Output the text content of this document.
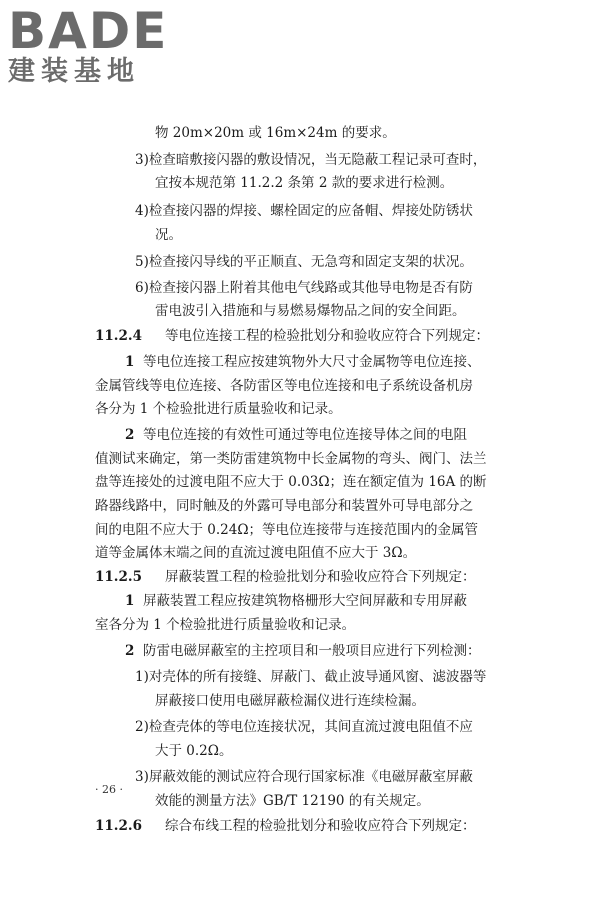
BADE
建装基地
物 20m×20m 或 16m×24m 的要求。
3)检查暗敷接闪器的敷设情况，当无隐蔽工程记录可查时，
宜按本规范第 11.2.2 条第 2 款的要求进行检测。
4)检查接闪器的焊接、螺栓固定的应备帽、焊接处防锈状
况。
5)检查接闪导线的平正顺直、无急弯和固定支架的状况。
6)检查接闪器上附着其他电气线路或其他导电物是否有防
雷电波引入措施和与易燃易爆物品之间的安全间距。
11.2.4 等电位连接工程的检验批划分和验收应符合下列规定：
1 等电位连接工程应按建筑物外大尺寸金属物等电位连接、
金属管线等电位连接、各防雷区等电位连接和电子系统设备机房
各分为 1 个检验批进行质量验收和记录。
2 等电位连接的有效性可通过等电位连接导体之间的电阻
值测试来确定，第一类防雷建筑物中长金属物的弯头、阀门、法兰
盘等连接处的过渡电阻不应大于 0.03Ω；连在额定值为 16A 的断
路器线路中，同时触及的外露可导电部分和装置外可导电部分之
间的电阻不应大于 0.24Ω；等电位连接带与连接范围内的金属管
道等金属体末端之间的直流过渡电阻值不应大于 3Ω。
11.2.5 屏蔽装置工程的检验批划分和验收应符合下列规定：
1 屏蔽装置工程应按建筑物格栅形大空间屏蔽和专用屏蔽
室各分为 1 个检验批进行质量验收和记录。
2 防雷电磁屏蔽室的主控项目和一般项目应进行下列检测：
1)对壳体的所有接缝、屏蔽门、截止波导通风窗、滤波器等
屏蔽接口使用电磁屏蔽检漏仪进行连续检漏。
2)检查壳体的等电位连接状况，其间直流过渡电阻值不应
大于 0.2Ω。
3)屏蔽效能的测试应符合现行国家标准《电磁屏蔽室屏蔽
效能的测量方法》GB/T 12190 的有关规定。
11.2.6 综合布线工程的检验批划分和验收应符合下列规定：
· 26 ·
